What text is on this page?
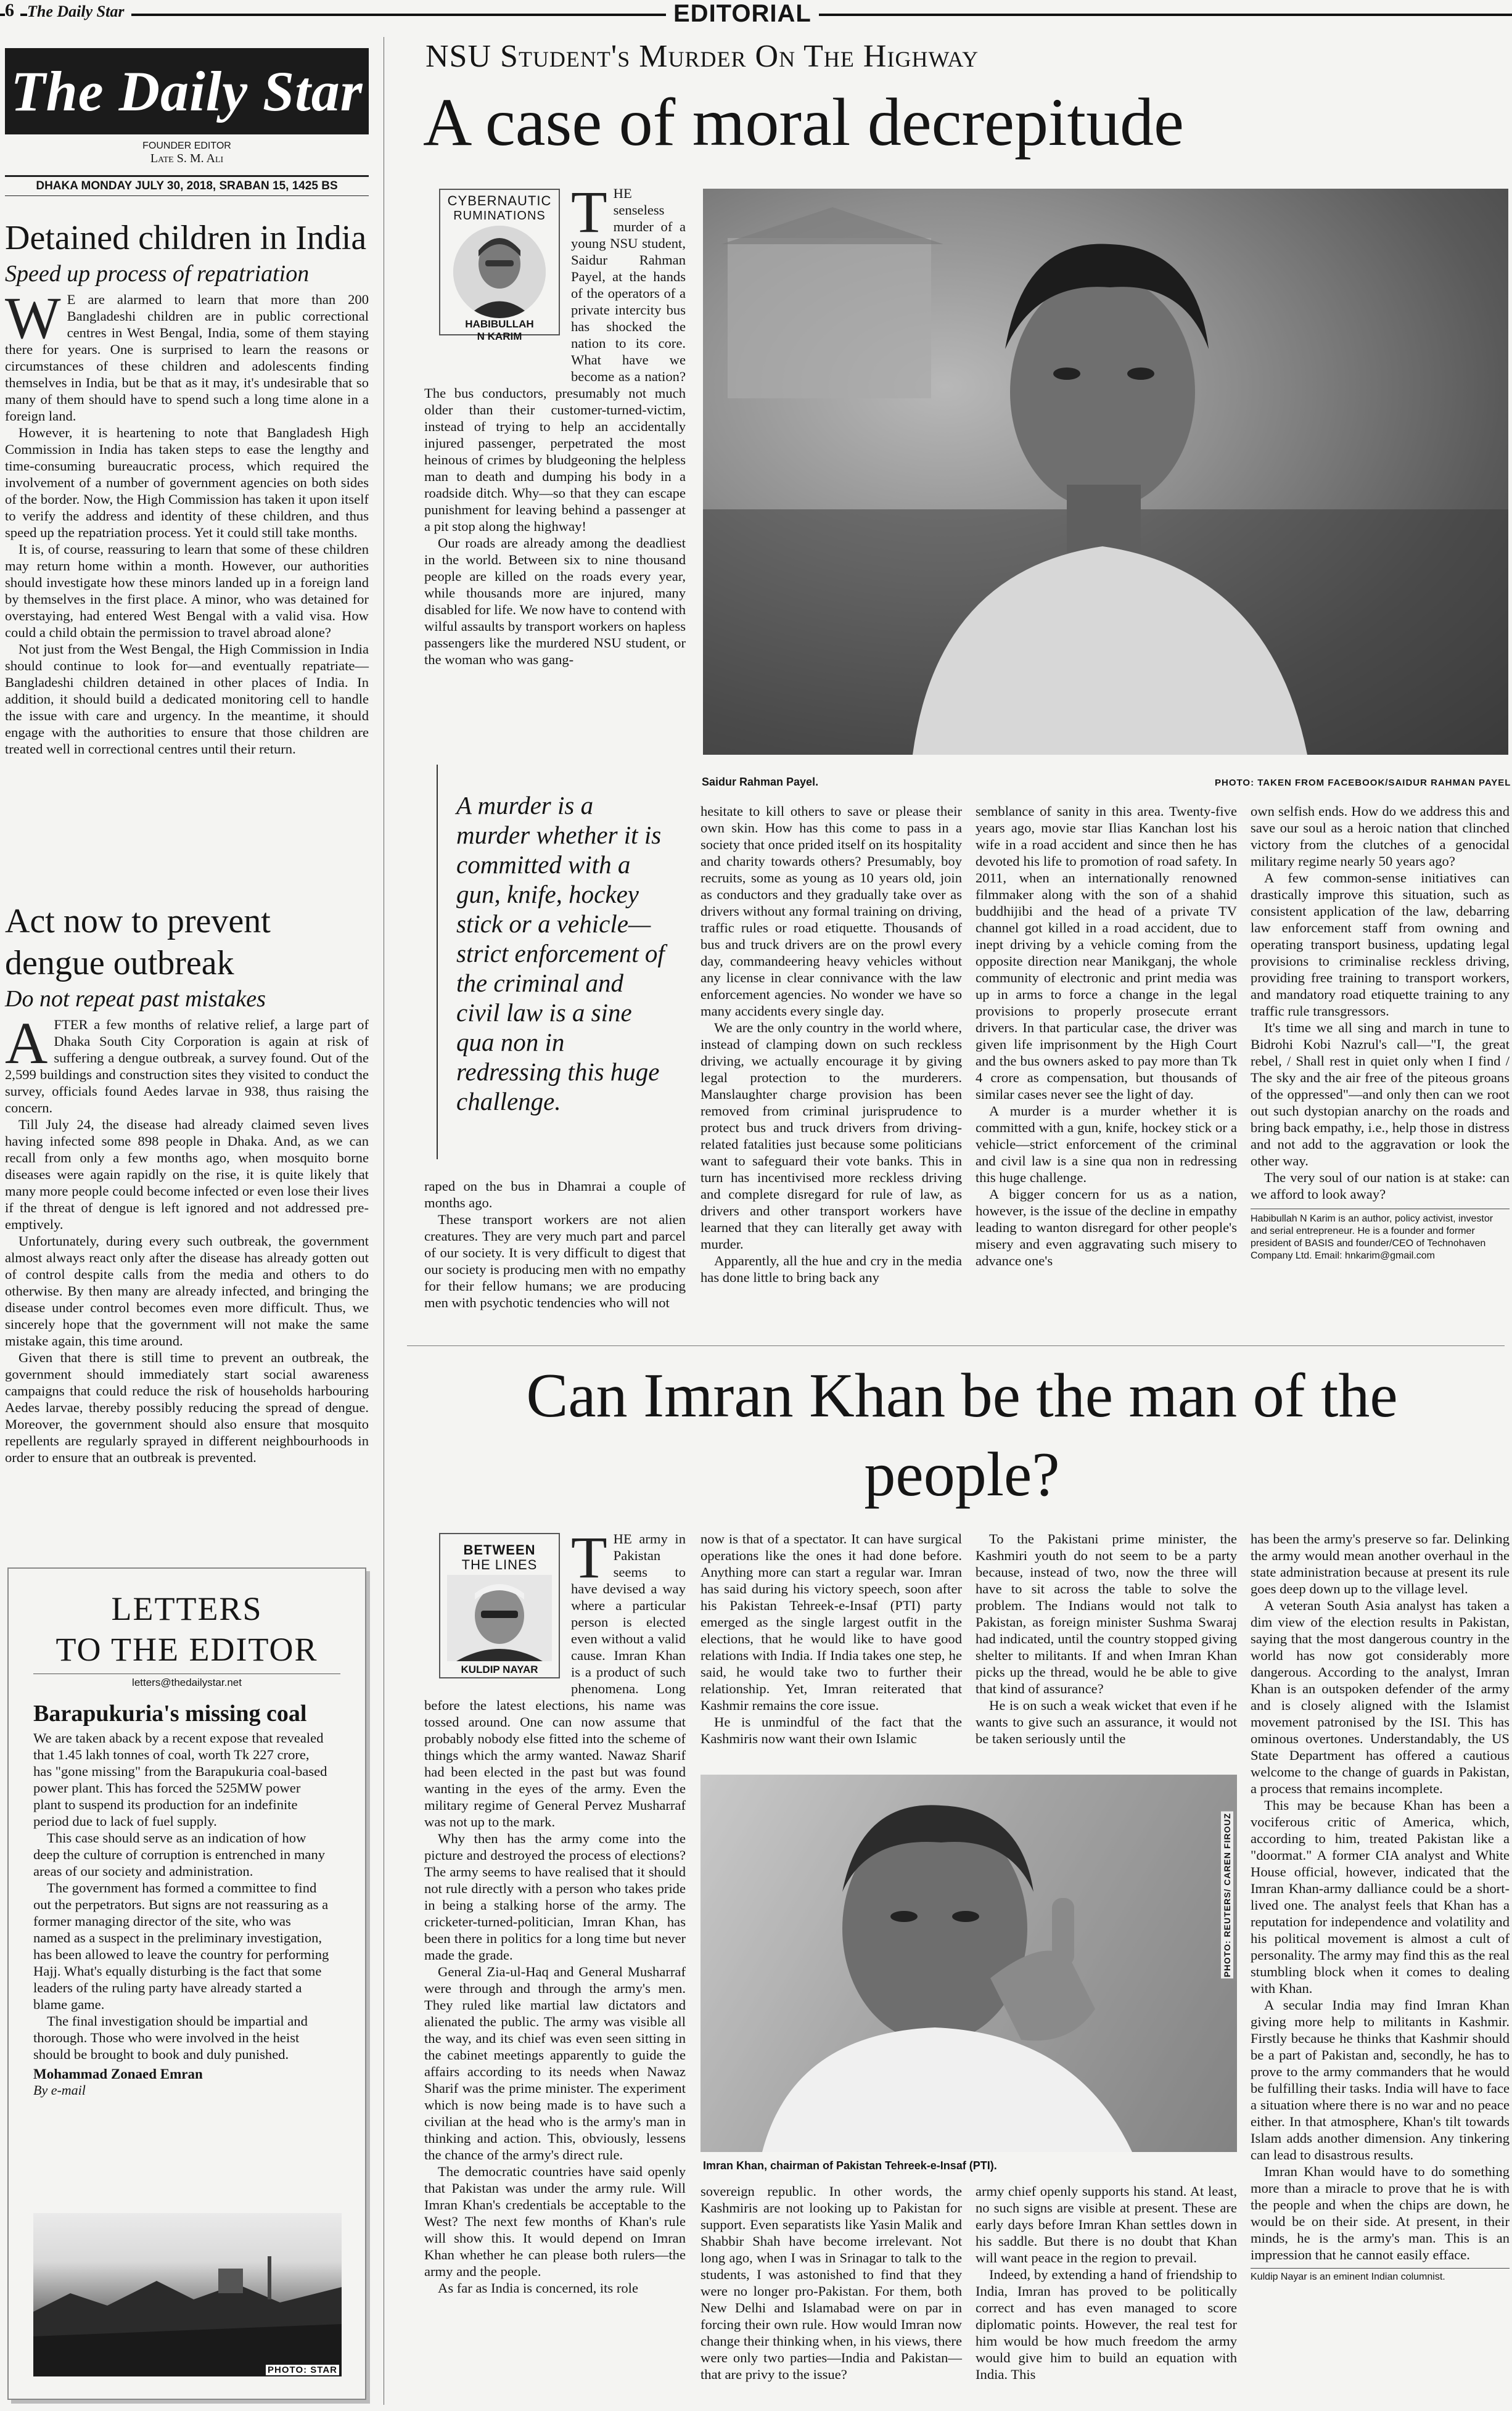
6 The Daily Star	EDITORIAL
The Daily Star
FOUNDER EDITOR
Late S. M. Ali
DHAKA MONDAY JULY 30, 2018, SRABAN 15, 1425 BS
Detained children in India
Speed up process of repatriation

W E are alarmed to learn that more than 200 Bangladeshi children are in public correctional centres in West Bengal, India, some of them staying there for years. One is surprised to learn the reasons or circumstances of these children and adolescents finding themselves in India, but be that as it may, it's undesirable that so many of them should have to spend such a long time alone in a foreign land.

However, it is heartening to note that Bangladesh High Commission in India has taken steps to ease the lengthy and time-consuming bureaucratic process, which required the involvement of a number of government agencies on both sides of the border. Now, the High Commission has taken it upon itself to verify the address and identity of these children, and thus speed up the repatriation process. Yet it could still take months.

It is, of course, reassuring to learn that some of these children may return home within a month. However, our authorities should investigate how these minors landed up in a foreign land by themselves in the first place. A minor, who was detained for overstaying, had entered West Bengal with a valid visa. How could a child obtain the permission to travel abroad alone?

Not just from the West Bengal, the High Commission in India should continue to look for—and eventually repatriate—Bangladeshi children detained in other places of India. In addition, it should build a dedicated monitoring cell to handle the issue with care and urgency. In the meantime, it should engage with the authorities to ensure that those children are treated well in correctional centres until their return.

Act now to prevent dengue outbreak
Do not repeat past mistakes

AFTER a few months of relative relief, a large part of Dhaka South City Corporation is again at risk of suffering a dengue outbreak, a survey found. Out of the 2,599 buildings and construction sites they visited to conduct the survey, officials found Aedes larvae in 938, thus raising the concern.

Till July 24, the disease had already claimed seven lives having infected some 898 people in Dhaka. And, as we can recall from only a few months ago, when mosquito borne diseases were again rapidly on the rise, it is quite likely that many more people could become infected or even lose their lives if the threat of dengue is left ignored and not addressed pre-emptively.

Unfortunately, during every such outbreak, the government almost always react only after the disease has already gotten out of control despite calls from the media and others to do otherwise. By then many are already infected, and bringing the disease under control becomes even more difficult. Thus, we sincerely hope that the government will not make the same mistake again, this time around.

Given that there is still time to prevent an outbreak, the government should immediately start social awareness campaigns that could reduce the risk of households harbouring Aedes larvae, thereby possibly reducing the spread of dengue. Moreover, the government should also ensure that mosquito repellents are regularly sprayed in different neighbourhoods in order to ensure that an outbreak is prevented.

LETTERS
TO THE EDITOR
letters@thedailystar.net
Barapukuria's missing coal

We are taken aback by a recent expose that revealed that 1.45 lakh tonnes of coal, worth Tk 227 crore, has "gone missing" from the Barapukuria coal-based power plant. This has forced the 525MW power plant to suspend its production for an indefinite period due to lack of fuel supply.

This case should serve as an indication of how deep the culture of corruption is entrenched in many areas of our society and administration.

The government has formed a committee to find out the perpetrators. But signs are not reassuring as a former managing director of the site, who was named as a suspect in the preliminary investigation, has been allowed to leave the country for performing Hajj. What's equally disturbing is the fact that some leaders of the ruling party have already started a blame game.

The final investigation should be impartial and thorough. Those who were involved in the heist should be brought to book and duly punished.

Mohammad Zonaed Emran
By e-mail
PHOTO: STAR
NSU Student's Murder On The Highway
A case of moral decrepitude
CYBERNAUTIC
RUMINATIONS
HABIBULLAH
N KARIM

THE senseless murder of a young NSU student, Saidur Rahman Payel, at the hands of the operators of a private intercity bus has shocked the nation to its core. What have we become as a nation? The bus conductors, presumably not much older than their customer-turned-victim, instead of trying to help an accidentally injured passenger, perpetrated the most heinous of crimes by bludgeoning the helpless man to death and dumping his body in a roadside ditch. Why—so that they can escape punishment for leaving behind a passenger at a pit stop along the highway!

Our roads are already among the deadliest in the world. Between six to nine thousand people are killed on the roads every year, while thousands more are injured, many disabled for life. We now have to contend with wilful assaults by transport workers on hapless passengers like the murdered NSU student, or the woman who was gang-

Saidur Rahman Payel.	PHOTO: TAKEN FROM FACEBOOK/SAIDUR RAHMAN PAYEL
A murder is a murder whether it is committed with a gun, knife, hockey stick or a vehicle—strict enforcement of the criminal and civil law is a sine qua non in redressing this huge challenge.

raped on the bus in Dhamrai a couple of months ago.

These transport workers are not alien creatures. They are very much part and parcel of our society. It is very difficult to digest that our society is producing men with no empathy for their fellow humans; we are producing men with psychotic tendencies who will not

hesitate to kill others to save or please their own skin. How has this come to pass in a society that once prided itself on its hospitality and charity towards others? Presumably, boy recruits, some as young as 10 years old, join as conductors and they gradually take over as drivers without any formal training on driving, traffic rules or road etiquette. Thousands of bus and truck drivers are on the prowl every day, commandeering heavy vehicles without any license in clear connivance with the law enforcement agencies. No wonder we have so many accidents every single day.

We are the only country in the world where, instead of clamping down on such reckless driving, we actually encourage it by giving legal protection to the murderers. Manslaughter charge provision has been removed from criminal jurisprudence to protect bus and truck drivers from driving-related fatalities just because some politicians want to safeguard their vote banks. This in turn has incentivised more reckless driving and complete disregard for rule of law, as drivers and other transport workers have learned that they can literally get away with murder.

Apparently, all the hue and cry in the media has done little to bring back any

semblance of sanity in this area. Twenty-five years ago, movie star Ilias Kanchan lost his wife in a road accident and since then he has devoted his life to promotion of road safety. In 2011, when an internationally renowned filmmaker along with the son of a shahid buddhijibi and the head of a private TV channel got killed in a road accident, due to inept driving by a vehicle coming from the opposite direction near Manikganj, the whole community of electronic and print media was up in arms to force a change in the legal provisions to properly prosecute errant drivers. In that particular case, the driver was given life imprisonment by the High Court and the bus owners asked to pay more than Tk 4 crore as compensation, but thousands of similar cases never see the light of day.

A murder is a murder whether it is committed with a gun, knife, hockey stick or a vehicle—strict enforcement of the criminal and civil law is a sine qua non in redressing this huge challenge.

A bigger concern for us as a nation, however, is the issue of the decline in empathy leading to wanton disregard for other people's misery and even aggravating such misery to advance one's

own selfish ends. How do we address this and save our soul as a heroic nation that clinched victory from the clutches of a genocidal military regime nearly 50 years ago?

A few common-sense initiatives can drastically improve this situation, such as consistent application of the law, debarring law enforcement staff from owning and operating transport business, updating legal provisions to criminalise reckless driving, providing free training to transport workers, and mandatory road etiquette training to any traffic rule transgressors.

It's time we all sing and march in tune to Bidrohi Kobi Nazrul's call—"I, the great rebel, / Shall rest in quiet only when I find / The sky and the air free of the piteous groans of the oppressed"—and only then can we root out such dystopian anarchy on the roads and bring back empathy, i.e., help those in distress and not add to the aggravation or look the other way.

The very soul of our nation is at stake: can we afford to look away?

Habibullah N Karim is an author, policy activist, investor and serial entrepreneur. He is a founder and former president of BASIS and founder/CEO of Technohaven Company Ltd. Email: hnkarim@gmail.com
Can Imran Khan be the man of the people?
BETWEEN
THE LINES
KULDIP NAYAR

THE army in Pakistan seems to have devised a way where a particular person is elected even without a valid cause. Imran Khan is a product of such phenomena. Long before the latest elections, his name was tossed around. One can now assume that probably nobody else fitted into the scheme of things which the army wanted. Nawaz Sharif had been elected in the past but was found wanting in the eyes of the army. Even the military regime of General Pervez Musharraf was not up to the mark.

Why then has the army come into the picture and destroyed the process of elections? The army seems to have realised that it should not rule directly with a person who takes pride in being a stalking horse of the army. The cricketer-turned-politician, Imran Khan, has been there in politics for a long time but never made the grade.

General Zia-ul-Haq and General Musharraf were through and through the army's men. They ruled like martial law dictators and alienated the public. The army was visible all the way, and its chief was even seen sitting in the cabinet meetings apparently to guide the affairs according to its needs when Nawaz Sharif was the prime minister. The experiment which is now being made is to have such a civilian at the head who is the army's man in thinking and action. This, obviously, lessens the chance of the army's direct rule.

The democratic countries have said openly that Pakistan was under the army rule. Will Imran Khan's credentials be acceptable to the West? The next few months of Khan's rule will show this. It would depend on Imran Khan whether he can please both rulers—the army and the people.

As far as India is concerned, its role

now is that of a spectator. It can have surgical operations like the ones it had done before. Anything more can start a regular war. Imran has said during his victory speech, soon after his Pakistan Tehreek-e-Insaf (PTI) party emerged as the single largest outfit in the elections, that he would like to have good relations with India. If India takes one step, he said, he would take two to further their relationship. Yet, Imran reiterated that Kashmir remains the core issue.

He is unmindful of the fact that the Kashmiris now want their own Islamic

To the Pakistani prime minister, the Kashmiri youth do not seem to be a party because, instead of two, now the three will have to sit across the table to solve the problem. The Indians would not talk to Pakistan, as foreign minister Sushma Swaraj had indicated, until the country stopped giving shelter to militants. If and when Imran Khan picks up the thread, would he be able to give that kind of assurance?

He is on such a weak wicket that even if he wants to give such an assurance, it would not be taken seriously until the

PHOTO: REUTERS/ CAREN FIROUZ
Imran Khan, chairman of Pakistan Tehreek-e-Insaf (PTI).

sovereign republic. In other words, the Kashmiris are not looking up to Pakistan for support. Even separatists like Yasin Malik and Shabbir Shah have become irrelevant. Not long ago, when I was in Srinagar to talk to the students, I was astonished to find that they were no longer pro-Pakistan. For them, both New Delhi and Islamabad were on par in forcing their own rule. How would Imran now change their thinking when, in his views, there were only two parties—India and Pakistan—that are privy to the issue?

army chief openly supports his stand. At least, no such signs are visible at present. These are early days before Imran Khan settles down in his saddle. But there is no doubt that Khan will want peace in the region to prevail.

Indeed, by extending a hand of friendship to India, Imran has proved to be politically correct and has even managed to score diplomatic points. However, the real test for him would be how much freedom the army would give him to build an equation with India. This

has been the army's preserve so far. Delinking the army would mean another overhaul in the state administration because at present its rule goes deep down up to the village level.

A veteran South Asia analyst has taken a dim view of the election results in Pakistan, saying that the most dangerous country in the world has now got considerably more dangerous. According to the analyst, Imran Khan is an outspoken defender of the army and is closely aligned with the Islamist movement patronised by the ISI. This has ominous overtones. Understandably, the US State Department has offered a cautious welcome to the change of guards in Pakistan, a process that remains incomplete.

This may be because Khan has been a vociferous critic of America, which, according to him, treated Pakistan like a "doormat." A former CIA analyst and White House official, however, indicated that the Imran Khan-army dalliance could be a short-lived one. The analyst feels that Khan has a reputation for independence and volatility and his political movement is almost a cult of personality. The army may find this as the real stumbling block when it comes to dealing with Khan.

A secular India may find Imran Khan giving more help to militants in Kashmir. Firstly because he thinks that Kashmir should be a part of Pakistan and, secondly, he has to prove to the army commanders that he would be fulfilling their tasks. India will have to face a situation where there is no war and no peace either. In that atmosphere, Khan's tilt towards Islam adds another dimension. Any tinkering can lead to disastrous results.

Imran Khan would have to do something more than a miracle to prove that he is with the people and when the chips are down, he would be on their side. At present, in their minds, he is the army's man. This is an impression that he cannot easily efface.

Kuldip Nayar is an eminent Indian columnist.
